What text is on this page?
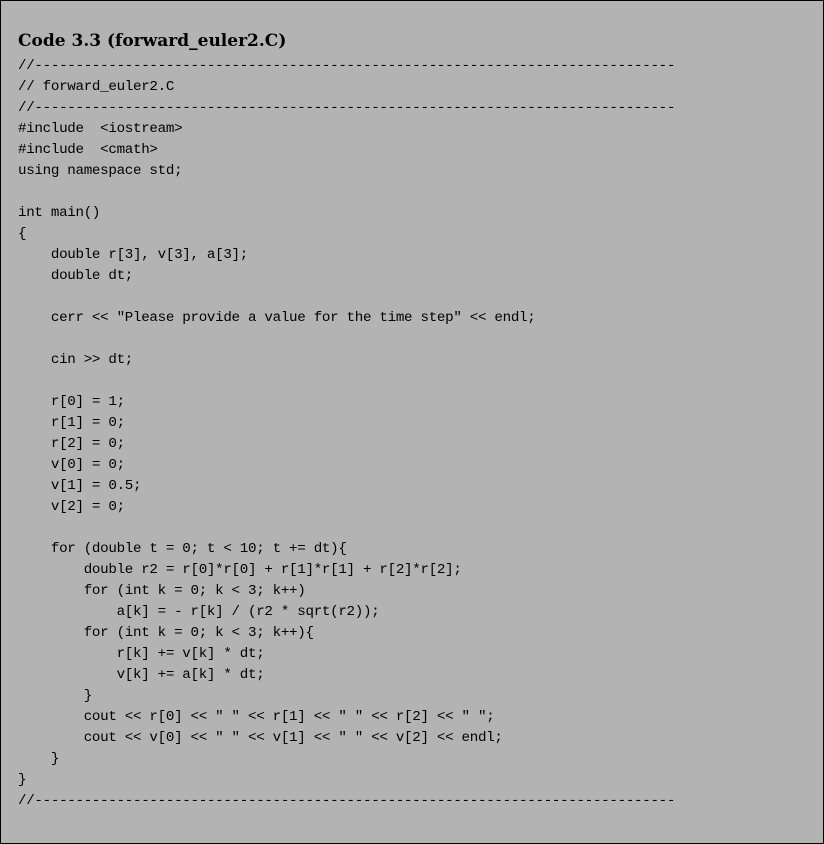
Code 3.3 (forward_euler2.C)
//------------------------------------------------------------------------------
// forward_euler2.C
//------------------------------------------------------------------------------
#include  <iostream>
#include  <cmath>
using namespace std;
int main()
{
double r[3], v[3], a[3];
double dt;
cerr << "Please provide a value for the time step" << endl;
cin >> dt;
r[0] = 1;
r[1] = 0;
r[2] = 0;
v[0] = 0;
v[1] = 0.5;
v[2] = 0;
for (double t = 0; t < 10; t += dt){
double r2 = r[0]*r[0] + r[1]*r[1] + r[2]*r[2];
for (int k = 0; k < 3; k++)
a[k] = - r[k] / (r2 * sqrt(r2));
for (int k = 0; k < 3; k++){
r[k] += v[k] * dt;
v[k] += a[k] * dt;
}
cout << r[0] << " " << r[1] << " " << r[2] << " ";
cout << v[0] << " " << v[1] << " " << v[2] << endl;
}
}
//------------------------------------------------------------------------------
